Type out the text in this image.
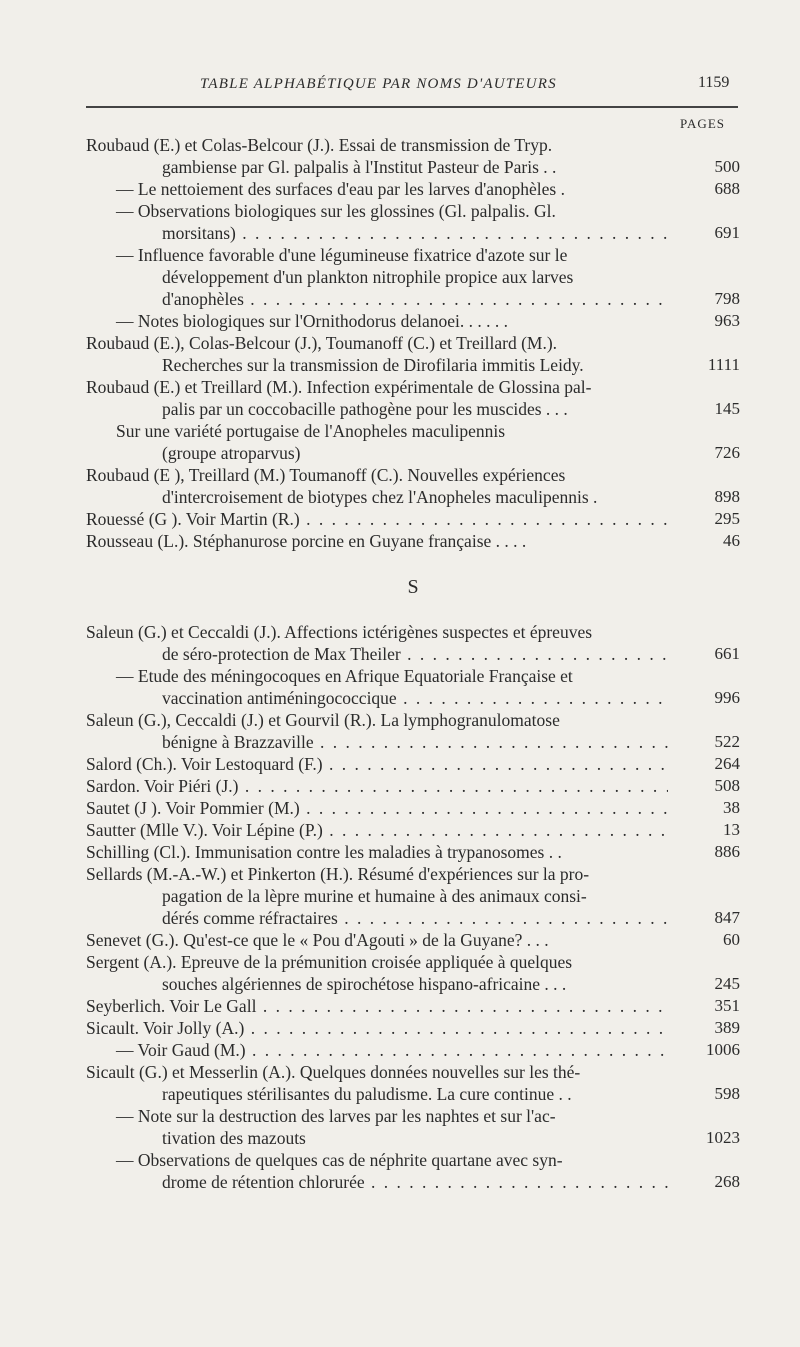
TABLE ALPHABÉTIQUE PAR NOMS D'AUTEURS	1159
PAGES
Roubaud (E.) et Colas-Belcour (J.). Essai de transmission de Tryp.
gambiense par Gl. palpalis à l'Institut Pasteur de Paris . .	500
— Le nettoiement des surfaces d'eau par les larves d'anophèles .	688
— Observations biologiques sur les glossines (Gl. palpalis. Gl.
morsitans) . . .	691
— Influence favorable d'une légumineuse fixatrice d'azote sur le
développement d'un plankton nitrophile propice aux larves
d'anophèles . . .	798
— Notes biologiques sur l'Ornithodorus delanoei. . . . . .	963
Roubaud (E.), Colas-Belcour (J.), Toumanoff (C.) et Treillard (M.).
Recherches sur la transmission de Dirofilaria immitis Leidy.	1111
Roubaud (E.) et Treillard (M.). Infection expérimentale de Glossina pal-
palis par un coccobacille pathogène pour les muscides . . .	145
Sur une variété portugaise de l'Anopheles maculipennis
(groupe atroparvus)	726
Roubaud (E ), Treillard (M.) Toumanoff (C.). Nouvelles expériences
d'intercroisement de biotypes chez l'Anopheles maculipennis .	898
Rouessé (G ). Voir Martin (R.) . . .	295
Rousseau (L.). Stéphanurose porcine en Guyane française . . . .	46
S
Saleun (G.) et Ceccaldi (J.). Affections ictérigènes suspectes et épreuves
de séro-protection de Max Theiler . . .	661
— Etude des méningocoques en Afrique Equatoriale Française et
vaccination antiméningococcique . . .	996
Saleun (G.), Ceccaldi (J.) et Gourvil (R.). La lymphogranulomatose
bénigne à Brazzaville . . .	522
Salord (Ch.). Voir Lestoquard (F.) . . .	264
Sardon. Voir Piéri (J.) . . .	508
Sautet (J ). Voir Pommier (M.) . . .	38
Sautter (Mlle V.). Voir Lépine (P.) . . .	13
Schilling (Cl.). Immunisation contre les maladies à trypanosomes . .	886
Sellards (M.-A.-W.) et Pinkerton (H.). Résumé d'expériences sur la pro-
pagation de la lèpre murine et humaine à des animaux consi-
dérés comme réfractaires . . .	847
Senevet (G.). Qu'est-ce que le « Pou d'Agouti » de la Guyane? . . .	60
Sergent (A.). Epreuve de la prémunition croisée appliquée à quelques
souches algériennes de spirochétose hispano-africaine . . .	245
Seyberlich. Voir Le Gall . . .	351
Sicault. Voir Jolly (A.) . . .	389
— Voir Gaud (M.) . . .	1006
Sicault (G.) et Messerlin (A.). Quelques données nouvelles sur les thé-
rapeutiques stérilisantes du paludisme. La cure continue . .	598
— Note sur la destruction des larves par les naphtes et sur l'ac-
tivation des mazouts	1023
— Observations de quelques cas de néphrite quartane avec syn-
drome de rétention chlorurée . . .	268
